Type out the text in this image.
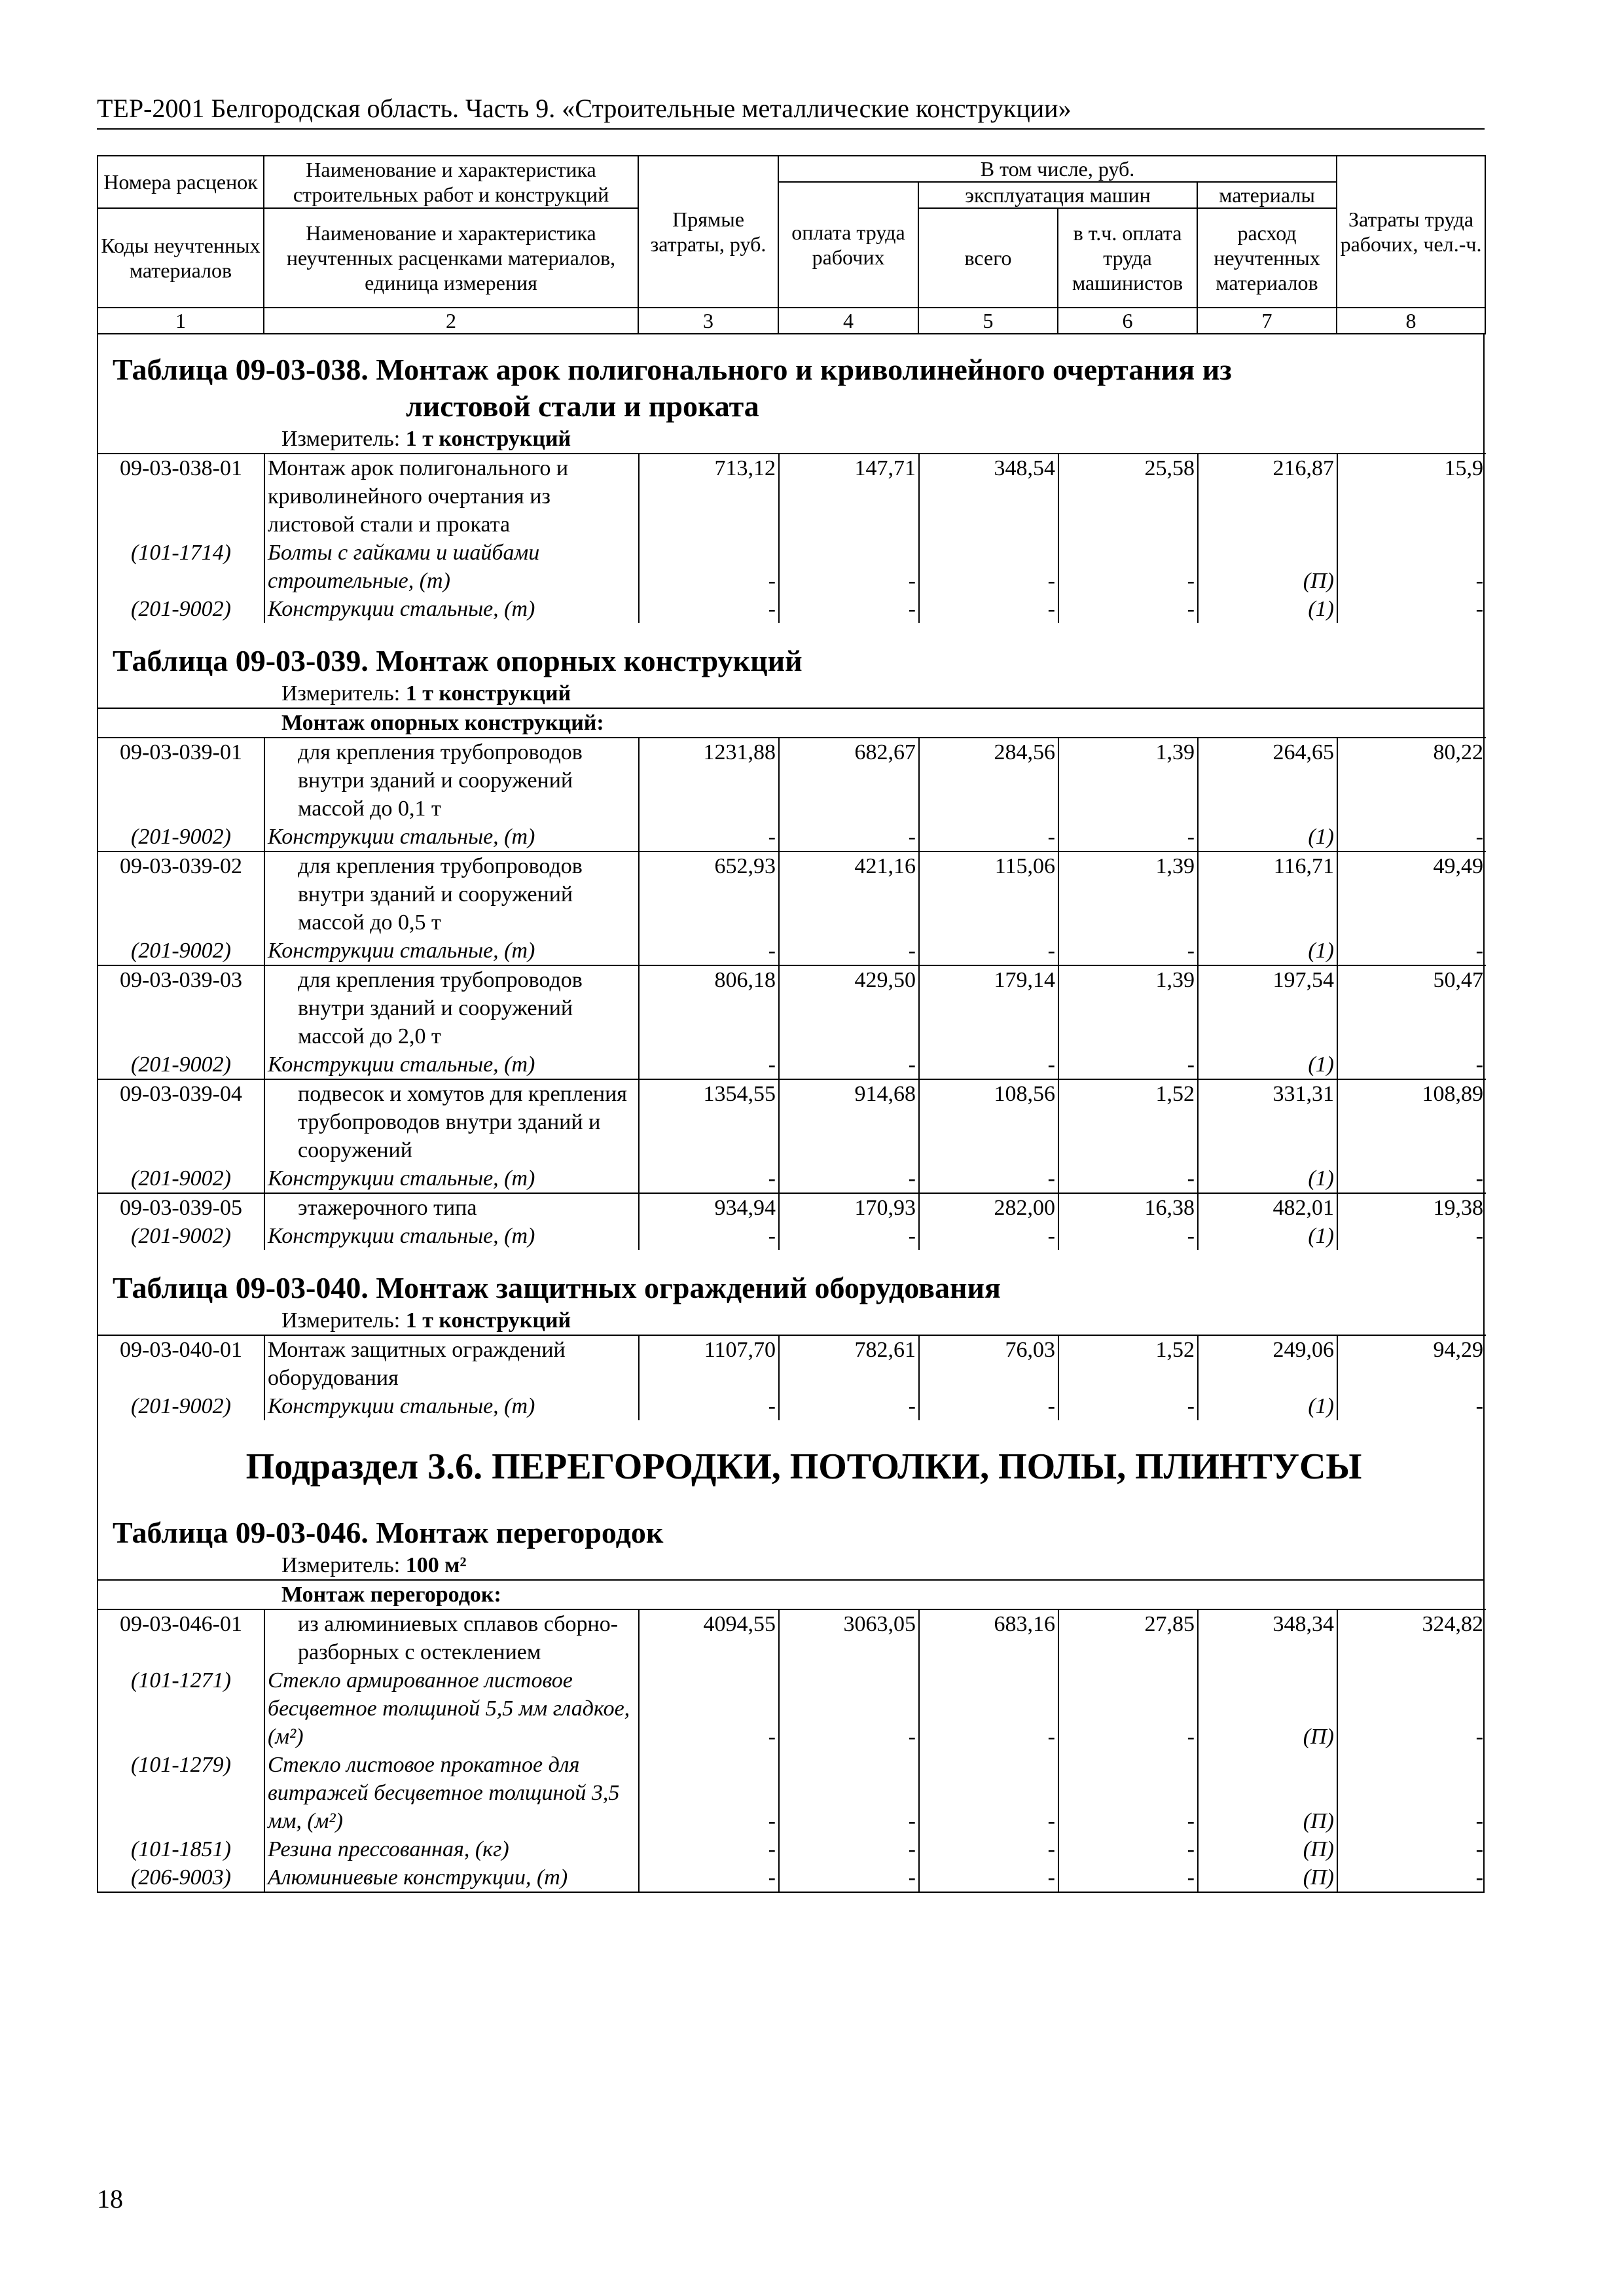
ТЕР-2001 Белгородская область. Часть 9. «Строительные металлические конструкции»
Номера расценок	Наименование и характеристика строительных работ и конструкций	Прямые затраты, руб.	В том числе, руб.				Затраты труда рабочих, чел.-ч.
			оплата труда рабочих	эксплуатация машин		материалы	
Коды неучтенных материалов	Наименование и характеристика неучтенных расценками материалов, единица измерения			всего	в т.ч. оплата труда машинистов	расход неучтенных материалов	

1	2	3	4	5	6	7	8
Таблица 09-03-038. Монтаж арок полигонального и криволинейного очертания из
листовой стали и проката
Измеритель: 1 т конструкций
09-03-038-01	Монтаж арок полигонального и криволинейного очертания из листовой стали и проката	713,12	147,71	348,54	25,58	216,87	15,9
(101-1714)	Болты с гайками и шайбами строительные, (т)	-	-	-	-	(П)	-
(201-9002)	Конструкции стальные, (т)	-	-	-	-	(1)	-
Таблица 09-03-039. Монтаж опорных конструкций
Измеритель: 1 т конструкций
Монтаж опорных конструкций:
09-03-039-01	для крепления трубопроводов внутри зданий и сооружений массой до 0,1 т	1231,88	682,67	284,56	1,39	264,65	80,22
(201-9002)	Конструкции стальные, (т)	-	-	-	-	(1)	-
09-03-039-02	для крепления трубопроводов внутри зданий и сооружений массой до 0,5 т	652,93	421,16	115,06	1,39	116,71	49,49
(201-9002)	Конструкции стальные, (т)	-	-	-	-	(1)	-
09-03-039-03	для крепления трубопроводов внутри зданий и сооружений массой до 2,0 т	806,18	429,50	179,14	1,39	197,54	50,47
(201-9002)	Конструкции стальные, (т)	-	-	-	-	(1)	-
09-03-039-04	подвесок и хомутов для крепления трубопроводов внутри зданий и сооружений	1354,55	914,68	108,56	1,52	331,31	108,89
(201-9002)	Конструкции стальные, (т)	-	-	-	-	(1)	-
09-03-039-05	этажерочного типа	934,94	170,93	282,00	16,38	482,01	19,38
(201-9002)	Конструкции стальные, (т)	-	-	-	-	(1)	-
Таблица 09-03-040. Монтаж защитных ограждений оборудования
Измеритель: 1 т конструкций
09-03-040-01	Монтаж защитных ограждений оборудования	1107,70	782,61	76,03	1,52	249,06	94,29
(201-9002)	Конструкции стальные, (т)	-	-	-	-	(1)	-
Подраздел 3.6. ПЕРЕГОРОДКИ, ПОТОЛКИ, ПОЛЫ, ПЛИНТУСЫ
Таблица 09-03-046. Монтаж перегородок
Измеритель: 100 м²
Монтаж перегородок:
09-03-046-01	из алюминиевых сплавов сборно-разборных с остеклением	4094,55	3063,05	683,16	27,85	348,34	324,82
(101-1271)	Стекло армированное листовое бесцветное толщиной 5,5 мм гладкое, (м²)	-	-	-	-	(П)	-
(101-1279)	Стекло листовое прокатное для витражей бесцветное толщиной 3,5 мм, (м²)	-	-	-	-	(П)	-
(101-1851)	Резина прессованная, (кг)	-	-	-	-	(П)	-
(206-9003)	Алюминиевые конструкции, (т)	-	-	-	-	(П)	-
18
